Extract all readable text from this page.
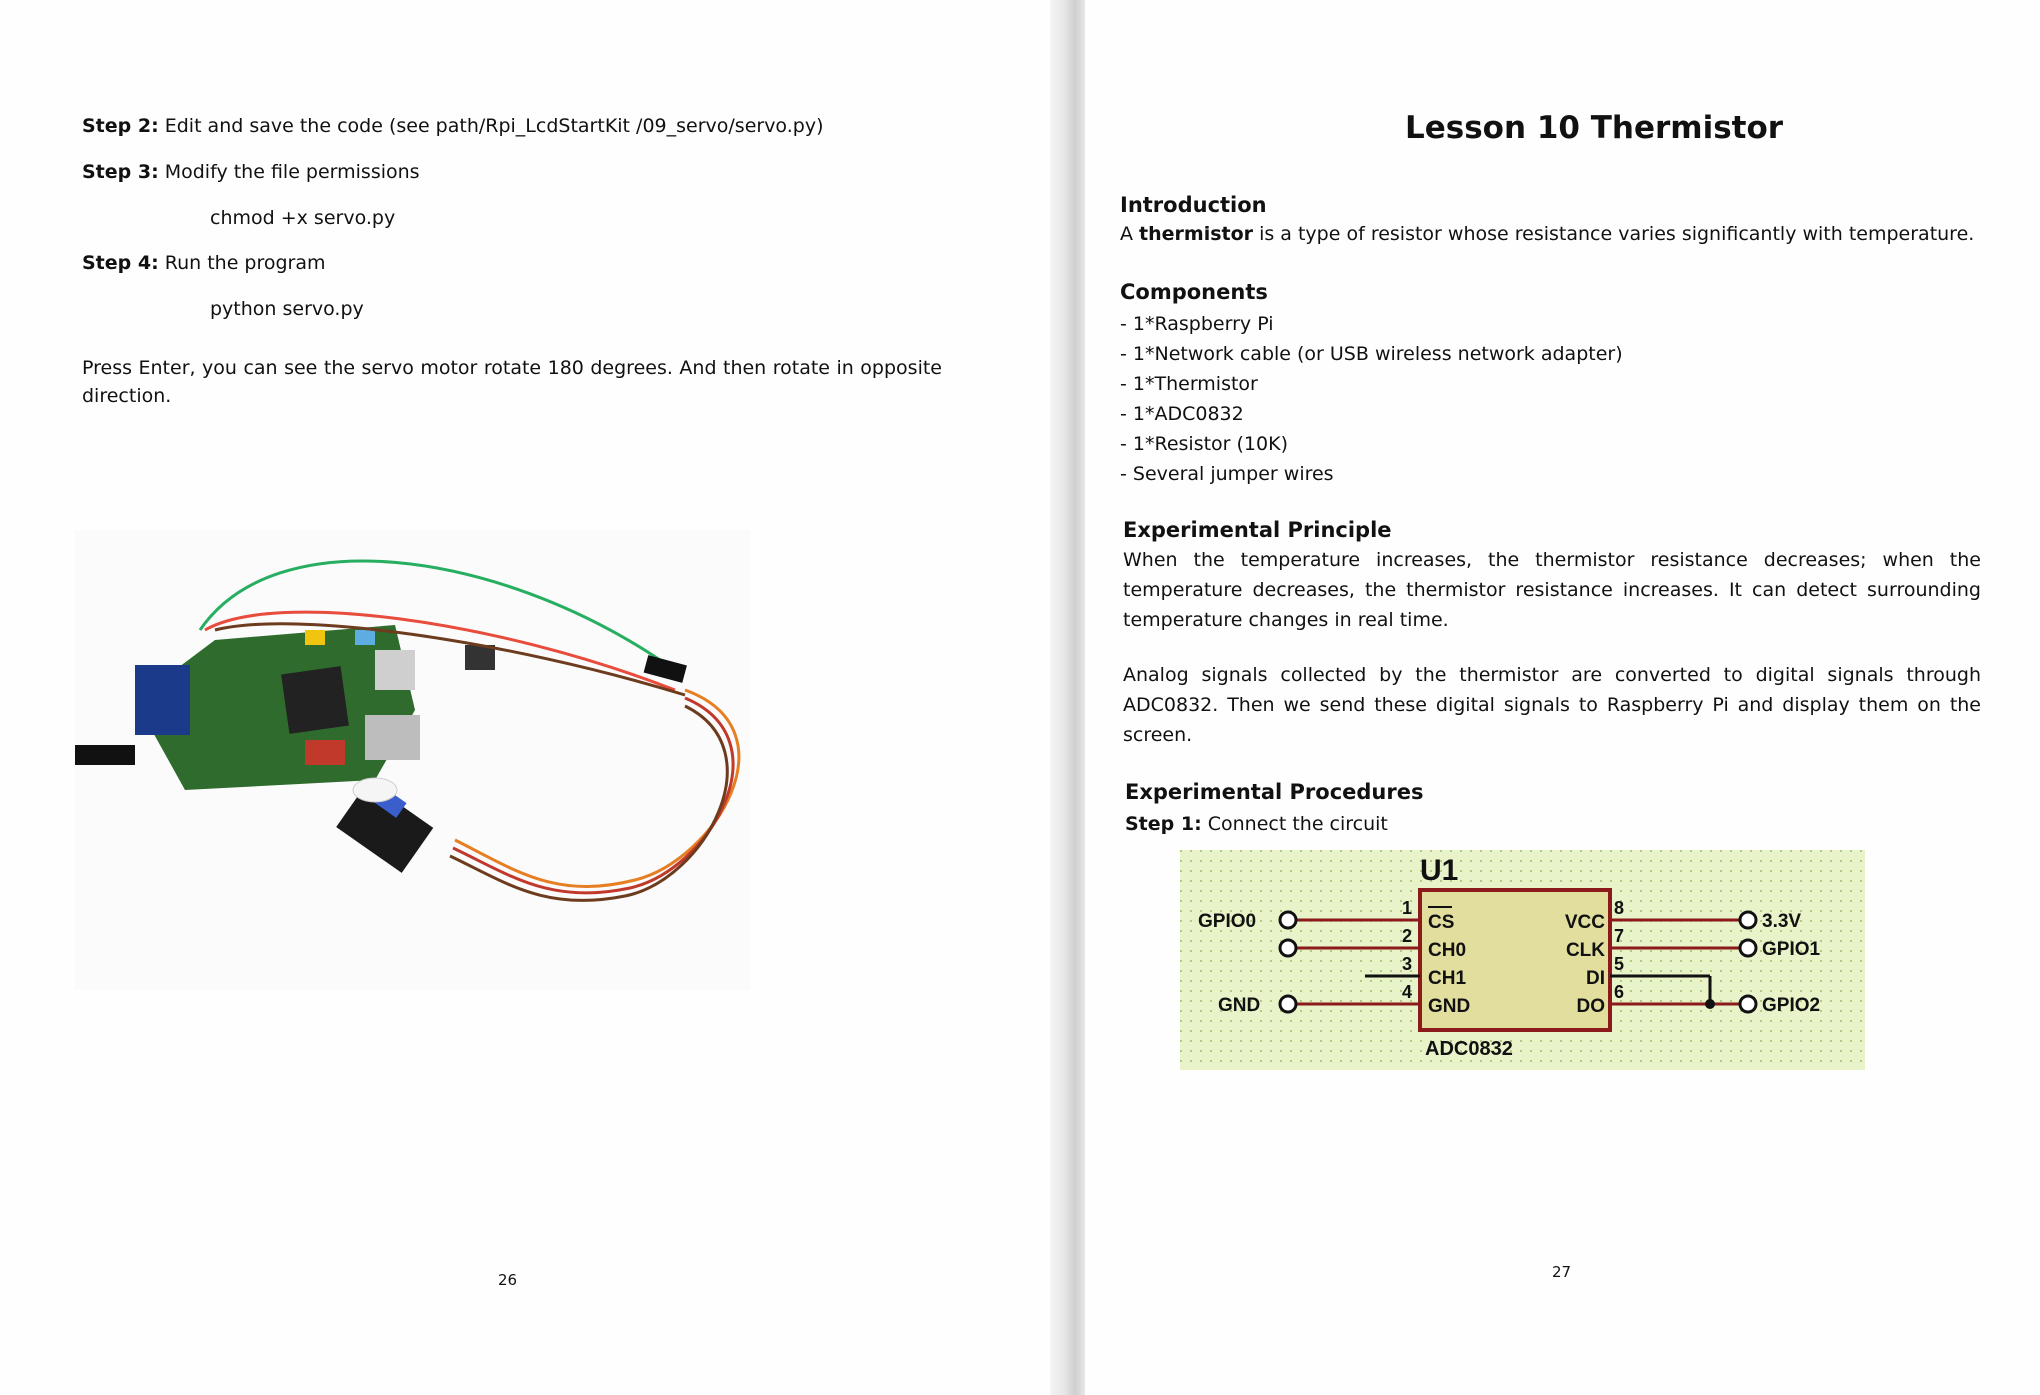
Step 2: Edit and save the code (see path/Rpi_LcdStartKit /09_servo/servo.py)
Step 3: Modify the file permissions
chmod +x servo.py
Step 4: Run the program
python servo.py
Press Enter, you can see the servo motor rotate 180 degrees. And then rotate in opposite direction.
26
Lesson 10 Thermistor
Introduction
A thermistor is a type of resistor whose resistance varies significantly with temperature.
Components
- 1*Raspberry Pi
- 1*Network cable (or USB wireless network adapter)
- 1*Thermistor
- 1*ADC0832
- 1*Resistor (10K)
- Several jumper wires
Experimental Principle
When the temperature increases, the thermistor resistance decreases; when the temperature decreases, the thermistor resistance increases. It can detect surrounding temperature changes in real time.
Analog signals collected by the thermistor are converted to digital signals through ADC0832. Then we send these digital signals to Raspberry Pi and display them on the screen.
Experimental Procedures
Step 1: Connect the circuit
27
U1
ADC0832
GPIO0
GND
1
2
3
4
CS
CH0
CH1
GND
VCC
CLK
DI
DO
8
7
5
6
3.3V
GPIO1
GPIO2
